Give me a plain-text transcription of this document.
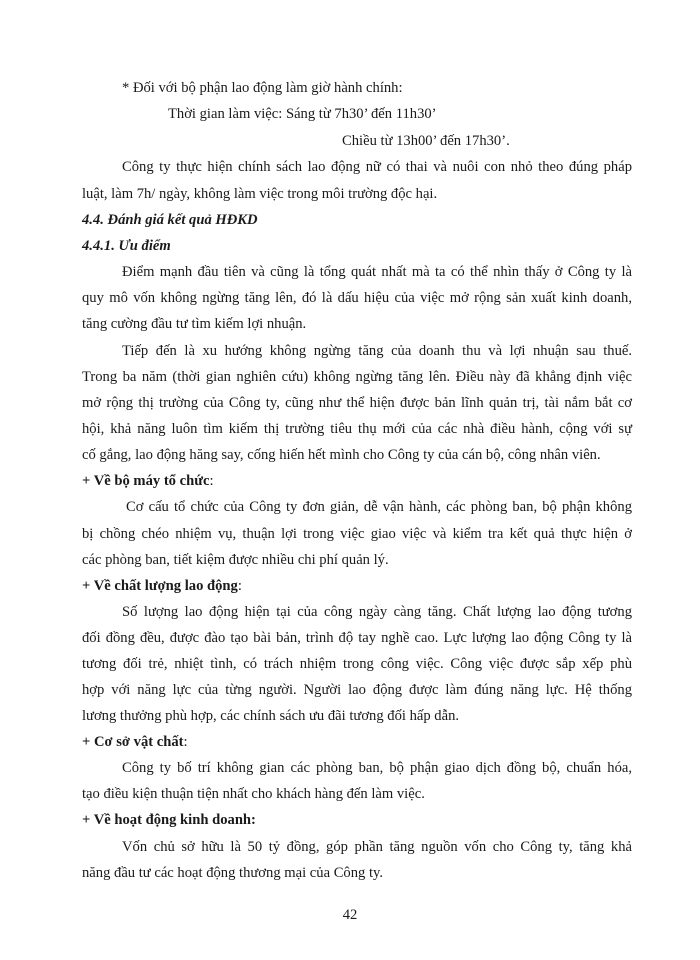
* Đối với bộ phận lao động làm giờ hành chính:
Thời gian làm việc: Sáng từ 7h30’ đến 11h30’
Chiều từ 13h00’ đến 17h30’.
Công ty thực hiện chính sách lao động nữ có thai và nuôi con nhỏ theo đúng pháp
luật, làm 7h/ ngày, không làm việc trong môi trường độc hại.
4.4. Đánh giá kết quả HĐKD
4.4.1. Ưu điểm
Điểm mạnh đầu tiên và cũng là tổng quát nhất mà ta có thể nhìn thấy ở Công ty là
quy mô vốn không ngừng tăng lên, đó là dấu hiệu của việc mở rộng sản xuất kinh doanh,
tăng cường đầu tư tìm kiếm lợi nhuận.
Tiếp đến là xu hướng không ngừng tăng của doanh thu và lợi nhuận sau thuế.
Trong ba năm (thời gian nghiên cứu) không ngừng tăng lên. Điều này đã khẳng định việc
mở rộng thị trường của Công ty, cũng như thể hiện được bản lĩnh quản trị, tài nắm bắt cơ
hội, khả năng luôn tìm kiếm thị trường tiêu thụ mới của các nhà điều hành, cộng với sự
cố gắng, lao động hăng say, cống hiến hết mình cho Công ty của cán bộ, công nhân viên.
+ Về bộ máy tổ chức:
Cơ cấu tổ chức của Công ty đơn giản, dễ vận hành, các phòng ban, bộ phận không
bị chồng chéo nhiệm vụ, thuận lợi trong việc giao việc và kiểm tra kết quả thực hiện ở
các phòng ban, tiết kiệm được nhiều chi phí quản lý.
+ Về chất lượng lao động:
Số lượng lao động hiện tại của công ngày càng tăng. Chất lượng lao động tương
đối đồng đều, được đào tạo bài bản, trình độ tay nghề cao. Lực lượng lao động Công ty là
tương đối trẻ, nhiệt tình, có trách nhiệm trong công việc. Công việc được sắp xếp phù
hợp với năng lực của từng người. Người lao động được làm đúng năng lực. Hệ thống
lương thưởng phù hợp, các chính sách ưu đãi tương đối hấp dẫn.
+ Cơ sở vật chất:
Công ty bố trí không gian các phòng ban, bộ phận giao dịch đồng bộ, chuẩn hóa,
tạo điều kiện thuận tiện nhất cho khách hàng đến làm việc.
+ Về hoạt động kinh doanh:
Vốn chủ sở hữu là 50 tỷ đồng, góp phần tăng nguồn vốn cho Công ty, tăng khả
năng đầu tư các hoạt động thương mại của Công ty.
42
